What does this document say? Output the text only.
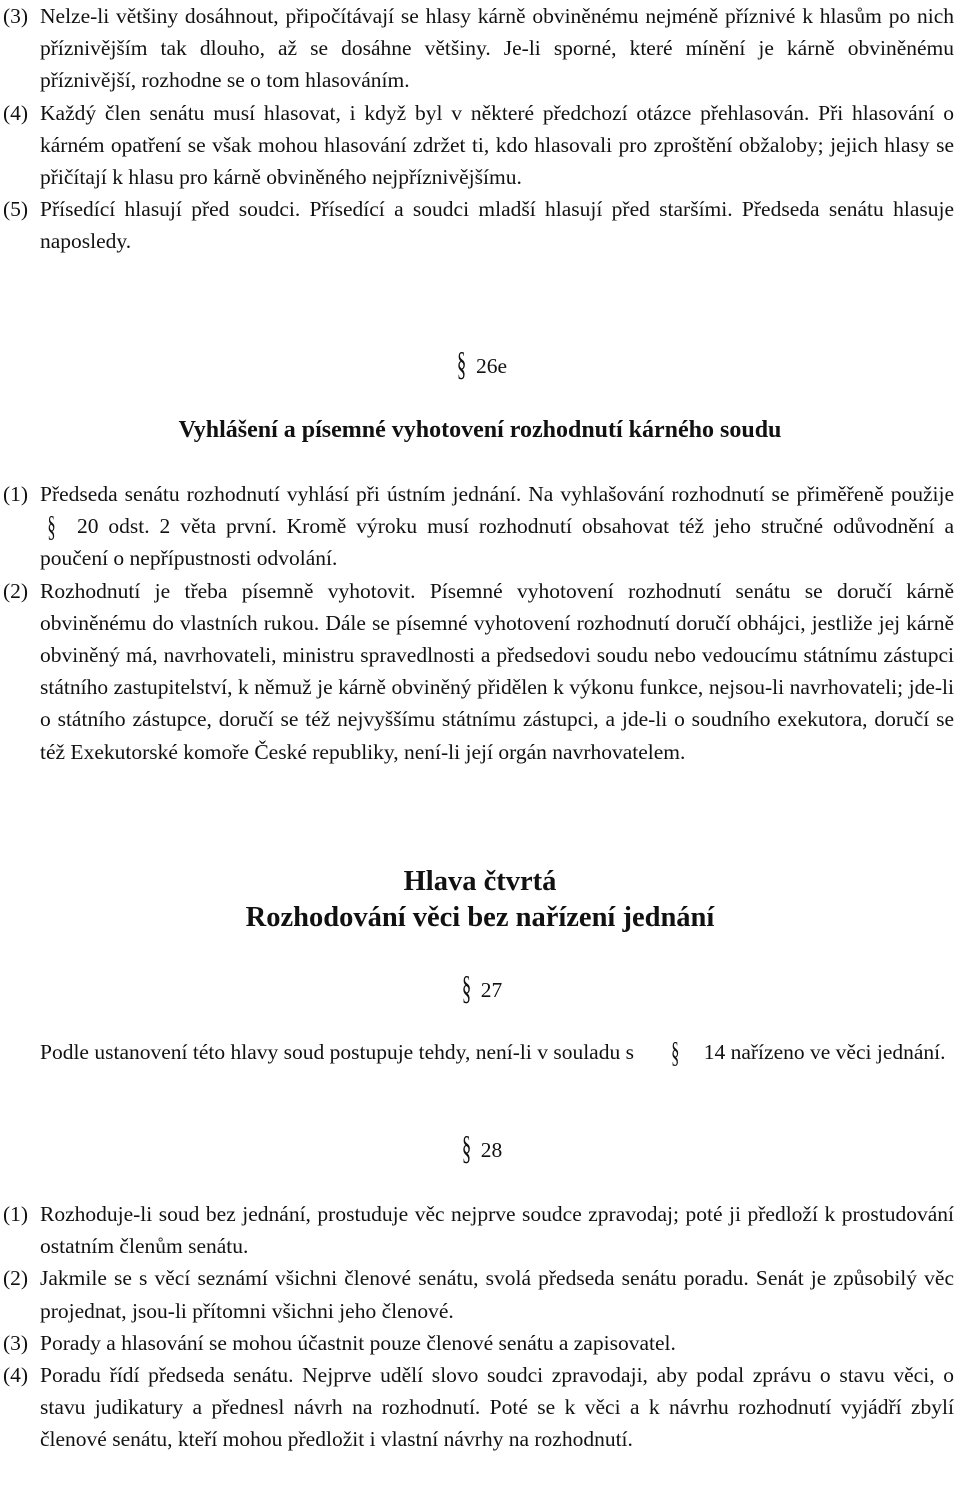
(3) Nelze-li většiny dosáhnout, připočítávají se hlasy kárně obviněnému nejméně příznivé k hlasům po nich příznivějším tak dlouho, až se dosáhne většiny. Je-li sporné, které mínění je kárně obviněnému příznivější, rozhodne se o tom hlasováním.

(4) Každý člen senátu musí hlasovat, i když byl v některé předchozí otázce přehlasován. Při hlasování o kárném opatření se však mohou hlasování zdržet ti, kdo hlasovali pro zproštění obžaloby; jejich hlasy se přičítají k hlasu pro kárně obviněného nejpříznivějšímu.

(5) Přísedící hlasují před soudci. Přísedící a soudci mladší hlasují před staršími. Předseda senátu hlasuje naposledy.

§ 26e

Vyhlášení a písemné vyhotovení rozhodnutí kárného soudu

(1) Předseda senátu rozhodnutí vyhlásí při ústním jednání. Na vyhlašování rozhodnutí se přiměřeně použije § 20 odst. 2 věta první. Kromě výroku musí rozhodnutí obsahovat též jeho stručné odůvodnění a poučení o nepřípustnosti odvolání.

(2) Rozhodnutí je třeba písemně vyhotovit. Písemné vyhotovení rozhodnutí senátu se doručí kárně obviněnému do vlastních rukou. Dále se písemné vyhotovení rozhodnutí doručí obhájci, jestliže jej kárně obviněný má, navrhovateli, ministru spravedlnosti a předsedovi soudu nebo vedoucímu státnímu zástupci státního zastupitelství, k němuž je kárně obviněný přidělen k výkonu funkce, nejsou-li navrhovateli; jde-li o státního zástupce, doručí se též nejvyššímu státnímu zástupci, a jde-li o soudního exekutora, doručí se též Exekutorské komoře České republiky, není-li její orgán navrhovatelem.

Hlava čtvrtá

Rozhodování věci bez nařízení jednání

§ 27

Podle ustanovení této hlavy soud postupuje tehdy, není-li v souladu s § 14 nařízeno ve věci jednání.

§ 28

(1) Rozhoduje-li soud bez jednání, prostuduje věc nejprve soudce zpravodaj; poté ji předloží k prostudování ostatním členům senátu.

(2) Jakmile se s věcí seznámí všichni členové senátu, svolá předseda senátu poradu. Senát je způsobilý věc projednat, jsou-li přítomni všichni jeho členové.

(3) Porady a hlasování se mohou účastnit pouze členové senátu a zapisovatel.

(4) Poradu řídí předseda senátu. Nejprve udělí slovo soudci zpravodaji, aby podal zprávu o stavu věci, o stavu judikatury a přednesl návrh na rozhodnutí. Poté se k věci a k návrhu rozhodnutí vyjádří zbylí členové senátu, kteří mohou předložit i vlastní návrhy na rozhodnutí.
